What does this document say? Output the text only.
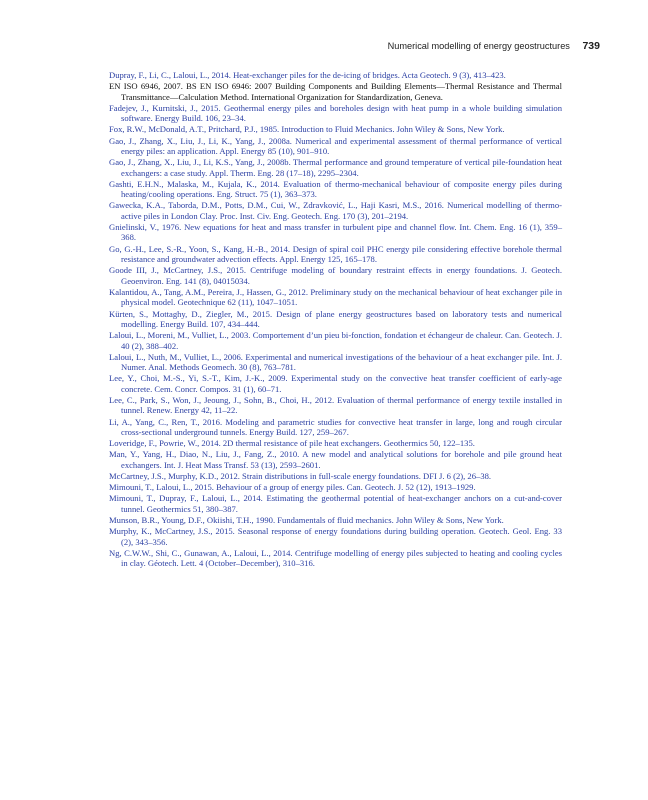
Numerical modelling of energy geostructures 739

Dupray, F., Li, C., Laloui, L., 2014. Heat-exchanger piles for the de-icing of bridges. Acta Geotech. 9 (3), 413–423.

EN ISO 6946, 2007. BS EN ISO 6946: 2007 Building Components and Building Elements—Thermal Resistance and Thermal Transmittance—Calculation Method. International Organization for Standardization, Geneva.

Fadejev, J., Kurnitski, J., 2015. Geothermal energy piles and boreholes design with heat pump in a whole building simulation software. Energy Build. 106, 23–34.

Fox, R.W., McDonald, A.T., Pritchard, P.J., 1985. Introduction to Fluid Mechanics. John Wiley & Sons, New York.

Gao, J., Zhang, X., Liu, J., Li, K., Yang, J., 2008a. Numerical and experimental assessment of thermal performance of vertical energy piles: an application. Appl. Energy 85 (10), 901–910.

Gao, J., Zhang, X., Liu, J., Li, K.S., Yang, J., 2008b. Thermal performance and ground temperature of vertical pile-foundation heat exchangers: a case study. Appl. Therm. Eng. 28 (17–18), 2295–2304.

Gashti, E.H.N., Malaska, M., Kujala, K., 2014. Evaluation of thermo-mechanical behaviour of composite energy piles during heating/cooling operations. Eng. Struct. 75 (1), 363–373.

Gawecka, K.A., Taborda, D.M., Potts, D.M., Cui, W., Zdravković, L., Haji Kasri, M.S., 2016. Numerical modelling of thermo-active piles in London Clay. Proc. Inst. Civ. Eng. Geotech. Eng. 170 (3), 201–2194.

Gnielinski, V., 1976. New equations for heat and mass transfer in turbulent pipe and channel flow. Int. Chem. Eng. 16 (1), 359–368.

Go, G.-H., Lee, S.-R., Yoon, S., Kang, H.-B., 2014. Design of spiral coil PHC energy pile considering effective borehole thermal resistance and groundwater advection effects. Appl. Energy 125, 165–178.

Goode III, J., McCartney, J.S., 2015. Centrifuge modeling of boundary restraint effects in energy foundations. J. Geotech. Geoenviron. Eng. 141 (8), 04015034.

Kalantidou, A., Tang, A.M., Pereira, J., Hassen, G., 2012. Preliminary study on the mechanical behaviour of heat exchanger pile in physical model. Geotechnique 62 (11), 1047–1051.

Kürten, S., Mottaghy, D., Ziegler, M., 2015. Design of plane energy geostructures based on laboratory tests and numerical modelling. Energy Build. 107, 434–444.

Laloui, L., Moreni, M., Vulliet, L., 2003. Comportement d’un pieu bi-fonction, fondation et échangeur de chaleur. Can. Geotech. J. 40 (2), 388–402.

Laloui, L., Nuth, M., Vulliet, L., 2006. Experimental and numerical investigations of the behaviour of a heat exchanger pile. Int. J. Numer. Anal. Methods Geomech. 30 (8), 763–781.

Lee, Y., Choi, M.-S., Yi, S.-T., Kim, J.-K., 2009. Experimental study on the convective heat transfer coefficient of early-age concrete. Cem. Concr. Compos. 31 (1), 60–71.

Lee, C., Park, S., Won, J., Jeoung, J., Sohn, B., Choi, H., 2012. Evaluation of thermal performance of energy textile installed in tunnel. Renew. Energy 42, 11–22.

Li, A., Yang, C., Ren, T., 2016. Modeling and parametric studies for convective heat transfer in large, long and rough circular cross-sectional underground tunnels. Energy Build. 127, 259–267.

Loveridge, F., Powrie, W., 2014. 2D thermal resistance of pile heat exchangers. Geothermics 50, 122–135.

Man, Y., Yang, H., Diao, N., Liu, J., Fang, Z., 2010. A new model and analytical solutions for borehole and pile ground heat exchangers. Int. J. Heat Mass Transf. 53 (13), 2593–2601.

McCartney, J.S., Murphy, K.D., 2012. Strain distributions in full-scale energy foundations. DFI J. 6 (2), 26–38.

Mimouni, T., Laloui, L., 2015. Behaviour of a group of energy piles. Can. Geotech. J. 52 (12), 1913–1929.

Mimouni, T., Dupray, F., Laloui, L., 2014. Estimating the geothermal potential of heat-exchanger anchors on a cut-and-cover tunnel. Geothermics 51, 380–387.

Munson, B.R., Young, D.F., Okiishi, T.H., 1990. Fundamentals of fluid mechanics. John Wiley & Sons, New York.

Murphy, K., McCartney, J.S., 2015. Seasonal response of energy foundations during building operation. Geotech. Geol. Eng. 33 (2), 343–356.

Ng, C.W.W., Shi, C., Gunawan, A., Laloui, L., 2014. Centrifuge modelling of energy piles subjected to heating and cooling cycles in clay. Géotech. Lett. 4 (October–December), 310–316.
